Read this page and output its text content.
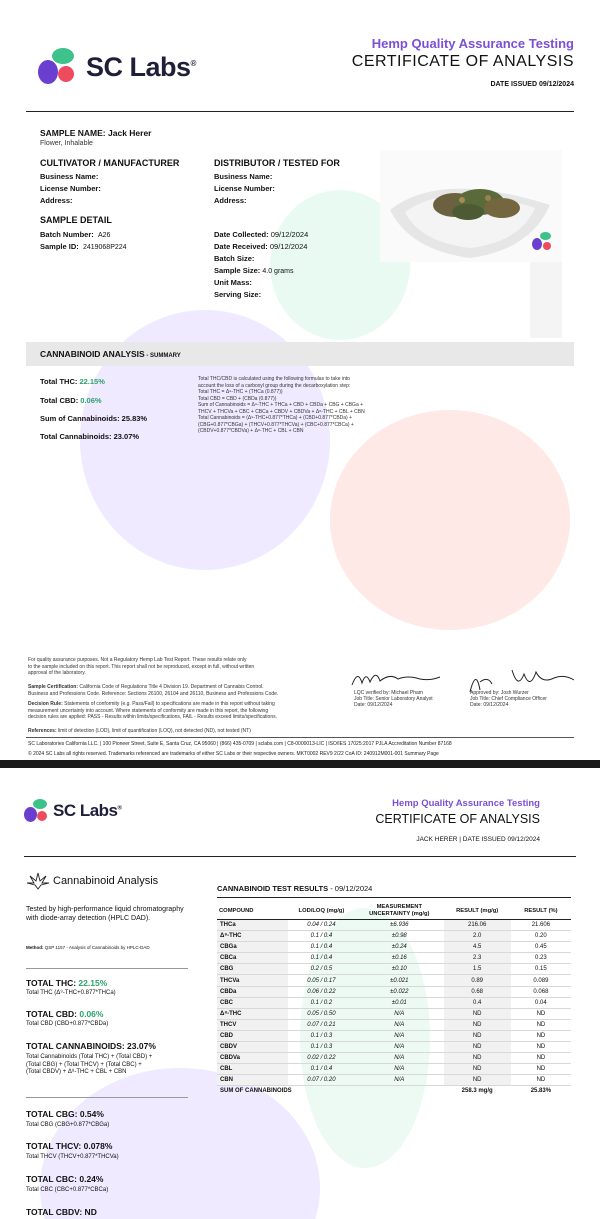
SC Labs®
Hemp Quality Assurance Testing
CERTIFICATE OF ANALYSIS
DATE ISSUED 09/12/2024
SAMPLE NAME: Jack Herer
Flower, Inhalable
CULTIVATOR / MANUFACTURER
Business Name:
License Number:
Address:
DISTRIBUTOR / TESTED FOR
Business Name:
License Number:
Address:
SAMPLE DETAIL
Batch Number: A26
Sample ID: 2419068P224
Date Collected: 09/12/2024
Date Received: 09/12/2024
Batch Size:
Sample Size: 4.0 grams
Unit Mass:
Serving Size:
CANNABINOID ANALYSIS - SUMMARY
Total THC: 22.15%
Total CBD: 0.06%
Sum of Cannabinoids: 25.83%
Total Cannabinoids: 23.07%
Total THC/CBD is calculated using the following formulas to take into
account the loss of a carboxyl group during the decarboxylation step:
Total THC = Δ⁹-THC + (THCa (0.877))
Total CBD = CBD + (CBDa (0.877))
Sum of Cannabinoids = Δ⁹-THC + THCa + CBD + CBDa + CBG + CBGa +
THCV + THCVa + CBC + CBCa + CBDV + CBDVa + Δ⁸-THC + CBL + CBN
Total Cannabinoids = (Δ⁹-THC+0.877*THCa) + (CBD+0.877*CBDa) +
(CBG+0.877*CBGa) + (THCV+0.877*THCVa) + (CBC+0.877*CBCa) +
(CBDV+0.877*CBDVa) + Δ⁸-THC + CBL + CBN
For quality assurance purposes. Not a Regulatory Hemp Lab Test Report. These results relate only
to the sample included on this report. This report shall not be reproduced, except in full, without written
approval of the laboratory.
Sample Certification: California Code of Regulations Title 4 Division 19. Department of Cannabis Control.
Business and Professions Code. Reference: Sections 26100, 26104 and 26110, Business and Professions Code.
Decision Rule: Statements of conformity (e.g. Pass/Fail) to specifications are made in this report without taking
measurement uncertainty into account. Where statements of conformity are made in this report, the following
decision rules are applied: PASS - Results within limits/specifications, FAIL - Results exceed limits/specifications.
References: limit of detection (LOD), limit of quantification (LOQ), not detected (ND), not tested (NT)
LQC verified by: Michael Pham
Job Title: Senior Laboratory Analyst
Date: 09/12/2024
Approved by: Josh Wurzer
Job Title: Chief Compliance Officer
Date: 09/12/2024
SC Laboratories California LLC. | 100 Pioneer Street, Suite E, Santa Cruz, CA 95060 | (866) 435-0709 | sclabs.com | C8-0000013-LIC | ISO/IES 17025:2017 PJLA Accreditation Number 87168
© 2024 SC Labs all rights reserved. Trademarks referenced are trademarks of either SC Labs or their respective owners. MKT0002 REV9 2/22 CoA ID: 240912M001-001 Summary Page
SC Labs®	Hemp Quality Assurance Testing
CERTIFICATE OF ANALYSIS
JACK HERER | DATE ISSUED 09/12/2024
Cannabinoid Analysis
Tested by high-performance liquid chromatography with diode-array detection (HPLC DAD).
Method: QSP 1157 - Analysis of Cannabinoids by HPLC-DAD
TOTAL THC: 22.15%
Total THC (Δ⁹-THC+0.877*THCa)
TOTAL CBD: 0.06%
Total CBD (CBD+0.877*CBDa)
TOTAL CANNABINOIDS: 23.07%
Total Cannabinoids (Total THC) + (Total CBD) +
(Total CBG) + (Total THCV) + (Total CBC) +
(Total CBDV) + Δ⁸-THC + CBL + CBN
TOTAL CBG: 0.54%
Total CBG (CBG+0.877*CBGa)
TOTAL THCV: 0.078%
Total THCV (THCV+0.877*THCVa)
TOTAL CBC: 0.24%
Total CBC (CBC+0.877*CBCa)
TOTAL CBDV: ND
CANNABINOID TEST RESULTS - 09/12/2024
COMPOUND	LOD/LOQ (mg/g)	MEASUREMENT UNCERTAINTY (mg/g)	RESULT (mg/g)	RESULT (%)
THCa	0.04 / 0.24	±6.936	216.06	21.606
Δ⁹-THC	0.1 / 0.4	±0.98	2.0	0.20
CBGa	0.1 / 0.4	±0.24	4.5	0.45
CBCa	0.1 / 0.4	±0.16	2.3	0.23
CBG	0.2 / 0.5	±0.10	1.5	0.15
THCVa	0.05 / 0.17	±0.021	0.89	0.089
CBDa	0.06 / 0.22	±0.022	0.68	0.068
CBC	0.1 / 0.2	±0.01	0.4	0.04
Δ⁸-THC	0.05 / 0.50	N/A	ND	ND
THCV	0.07 / 0.21	N/A	ND	ND
CBD	0.1 / 0.3	N/A	ND	ND
CBDV	0.1 / 0.3	N/A	ND	ND
CBDVa	0.02 / 0.22	N/A	ND	ND
CBL	0.1 / 0.4	N/A	ND	ND
CBN	0.07 / 0.20	N/A	ND	ND
SUM OF CANNABINOIDS			258.3 mg/g	25.83%
